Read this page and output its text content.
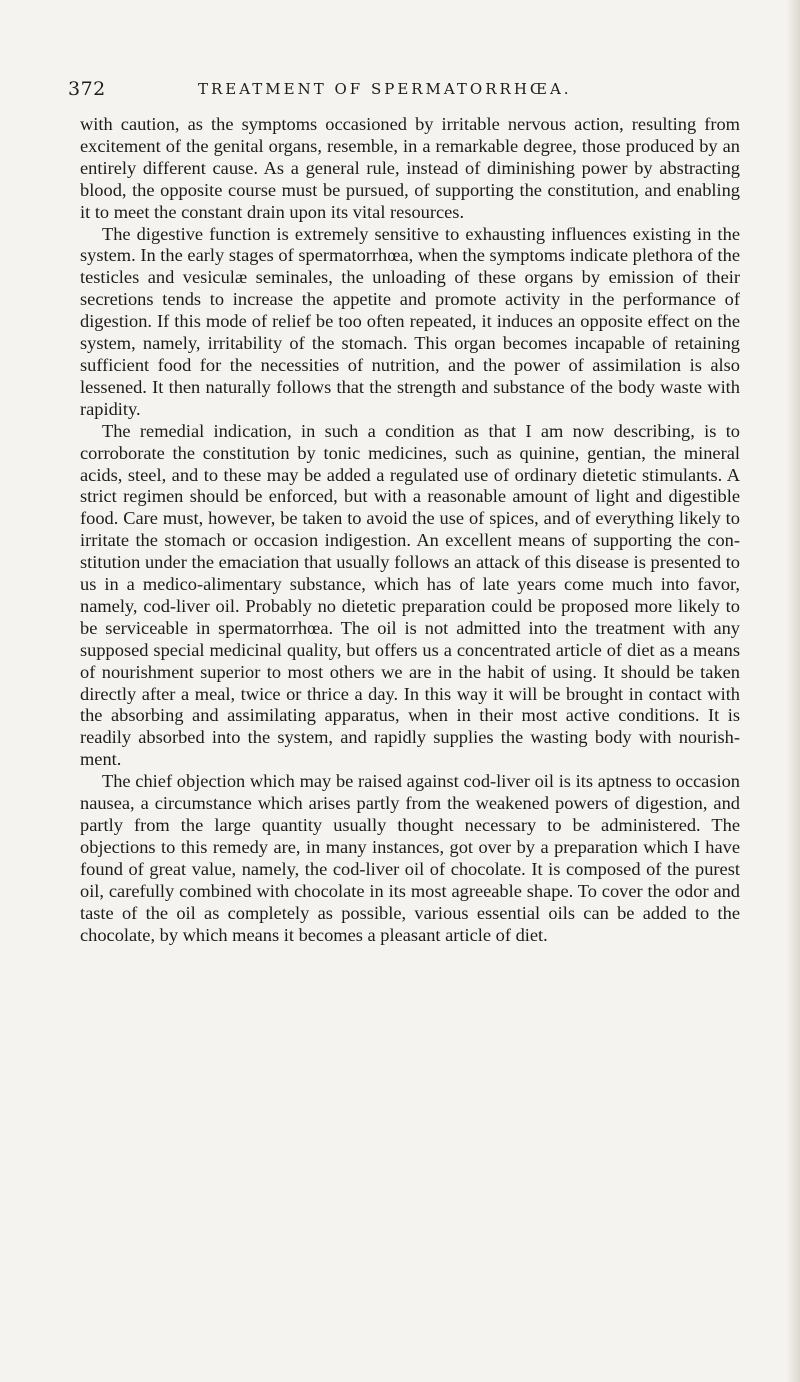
372	TREATMENT OF SPERMATORRHŒA.

with caution, as the symptoms occasioned by irritable nervous action, resulting from excitement of the genital organs, resemble, in a remarkable degree, those produced by an entirely different cause. As a general rule, instead of diminishing power by abstracting blood, the opposite course must be pursued, of supporting the constitution, and enabling it to meet the constant drain upon its vital resources.

The digestive function is extremely sensitive to exhausting influences existing in the system. In the early stages of spermatorrhœa, when the symptoms indicate plethora of the testicles and vesiculæ seminales, the unloading of these organs by emission of their secretions tends to increase the appetite and promote activity in the performance of digestion. If this mode of relief be too often repeated, it induces an opposite effect on the system, namely, irritability of the stomach. This organ becomes incapable of retaining sufficient food for the necessities of nutrition, and the power of assimilation is also lessened. It then naturally follows that the strength and substance of the body waste with rapidity.

The remedial indication, in such a condition as that I am now describing, is to corroborate the constitution by tonic medicines, such as quinine, gentian, the mineral acids, steel, and to these may be added a regulated use of ordinary dietetic stimulants. A strict regimen should be enforced, but with a reasonable amount of light and digestible food. Care must, however, be taken to avoid the use of spices, and of everything likely to irritate the stomach or occasion indigestion. An excellent means of supporting the constitution under the emaciation that usually follows an attack of this disease is presented to us in a medico-alimentary substance, which has of late years come much into favor, namely, cod-liver oil. Probably no dietetic preparation could be proposed more likely to be serviceable in spermatorrhœa. The oil is not admitted into the treatment with any supposed special medicinal quality, but offers us a concentrated article of diet as a means of nourishment superior to most others we are in the habit of using. It should be taken directly after a meal, twice or thrice a day. In this way it will be brought in contact with the absorbing and assimilating apparatus, when in their most active conditions. It is readily absorbed into the system, and rapidly supplies the wasting body with nourishment.

The chief objection which may be raised against cod-liver oil is its aptness to occasion nausea, a circumstance which arises partly from the weakened powers of digestion, and partly from the large quantity usually thought necessary to be administered. The objections to this remedy are, in many instances, got over by a preparation which I have found of great value, namely, the cod-liver oil of chocolate. It is composed of the purest oil, carefully combined with chocolate in its most agreeable shape. To cover the odor and taste of the oil as completely as possible, various essential oils can be added to the chocolate, by which means it becomes a pleasant article of diet.
